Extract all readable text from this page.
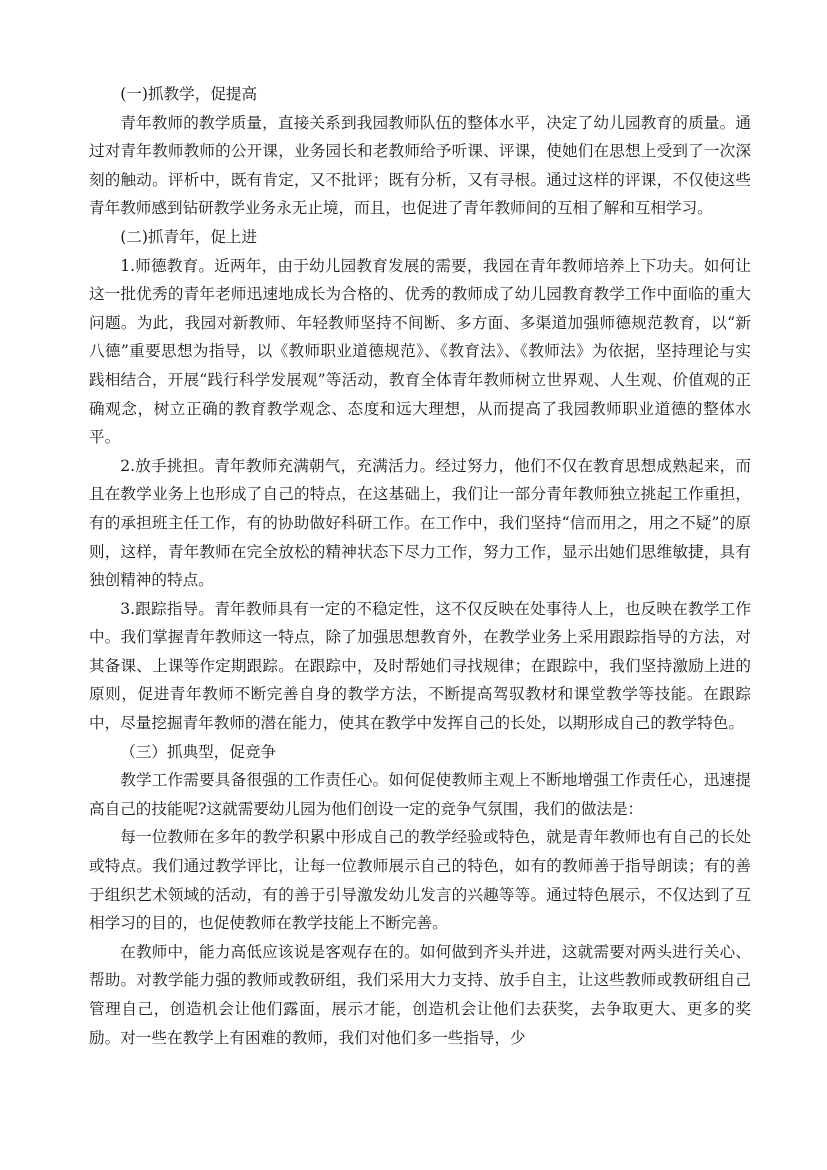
(一)抓教学，促提高

青年教师的教学质量，直接关系到我园教师队伍的整体水平，决定了幼儿园教育的质量。通过对青年教师教师的公开课，业务园长和老教师给予听课、评课，使她们在思想上受到了一次深刻的触动。评析中，既有肯定，又不批评；既有分析，又有寻根。通过这样的评课，不仅使这些青年教师感到钻研教学业务永无止境，而且，也促进了青年教师间的互相了解和互相学习。

(二)抓青年，促上进

1.师德教育。近两年，由于幼儿园教育发展的需要，我园在青年教师培养上下功夫。如何让这一批优秀的青年老师迅速地成长为合格的、优秀的教师成了幼儿园教育教学工作中面临的重大问题。为此，我园对新教师、年轻教师坚持不间断、多方面、多渠道加强师德规范教育，以“新八德”重要思想为指导，以《教师职业道德规范》、《教育法》、《教师法》为依据，坚持理论与实践相结合，开展“践行科学发展观”等活动，教育全体青年教师树立世界观、人生观、价值观的正确观念，树立正确的教育教学观念、态度和远大理想，从而提高了我园教师职业道德的整体水平。

2.放手挑担。青年教师充满朝气，充满活力。经过努力，他们不仅在教育思想成熟起来，而且在教学业务上也形成了自己的特点，在这基础上，我们让一部分青年教师独立挑起工作重担，有的承担班主任工作，有的协助做好科研工作。在工作中，我们坚持“信而用之，用之不疑”的原则，这样，青年教师在完全放松的精神状态下尽力工作，努力工作，显示出她们思维敏捷，具有独创精神的特点。

3.跟踪指导。青年教师具有一定的不稳定性，这不仅反映在处事待人上，也反映在教学工作中。我们掌握青年教师这一特点，除了加强思想教育外，在教学业务上采用跟踪指导的方法，对其备课、上课等作定期跟踪。在跟踪中，及时帮她们寻找规律；在跟踪中，我们坚持激励上进的原则，促进青年教师不断完善自身的教学方法，不断提高驾驭教材和课堂教学等技能。在跟踪中，尽量挖掘青年教师的潜在能力，使其在教学中发挥自己的长处，以期形成自己的教学特色。

（三）抓典型，促竞争

教学工作需要具备很强的工作责任心。如何促使教师主观上不断地增强工作责任心，迅速提高自己的技能呢?这就需要幼儿园为他们创设一定的竞争气氛围，我们的做法是：

每一位教师在多年的教学积累中形成自己的教学经验或特色，就是青年教师也有自己的长处或特点。我们通过教学评比，让每一位教师展示自己的特色，如有的教师善于指导朗读；有的善于组织艺术领域的活动，有的善于引导激发幼儿发言的兴趣等等。通过特色展示，不仅达到了互相学习的目的，也促使教师在教学技能上不断完善。

在教师中，能力高低应该说是客观存在的。如何做到齐头并进，这就需要对两头进行关心、帮助。对教学能力强的教师或教研组，我们采用大力支持、放手自主，让这些教师或教研组自己管理自己，创造机会让他们露面，展示才能，创造机会让他们去获奖，去争取更大、更多的奖励。对一些在教学上有困难的教师，我们对他们多一些指导，少
